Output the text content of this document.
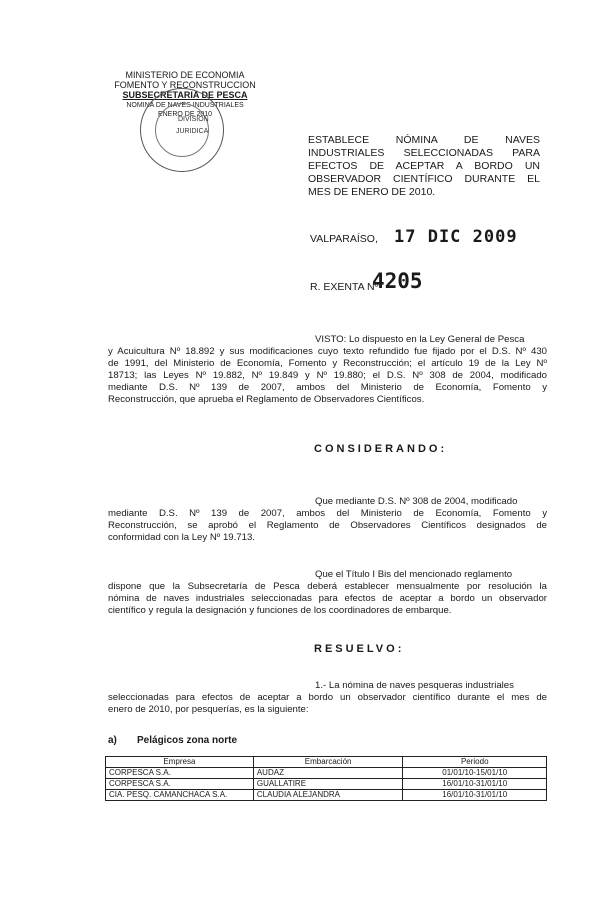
MINISTERIO DE ECONOMIA
FOMENTO Y RECONSTRUCCION
SUBSECRETARIA DE PESCA
NOMINA DE NAVES INDUSTRIALES
ENERO DE 2010
DIVISION
JURIDICA
ESTABLECE NÓMINA DE NAVES
INDUSTRIALES SELECCIONADAS PARA
EFECTOS DE ACEPTAR A BORDO UN
OBSERVADOR CIENTÍFICO DURANTE EL
MES DE ENERO DE 2010.
VALPARAÍSO, 17 DIC 2009
R. EXENTA Nº
4205
VISTO: Lo dispuesto en la Ley General de Pesca
y Acuicultura Nº 18.892 y sus modificaciones cuyo texto refundido fue fijado por el D.S. Nº 430
de 1991, del Ministerio de Economía, Fomento y Reconstrucción; el artículo 19 de la Ley Nº
18713; las Leyes Nº 19.882, Nº 19.849 y Nº 19.880; el D.S. Nº 308 de 2004, modificado
mediante D.S. Nº 139 de 2007, ambos del Ministerio de Economía, Fomento y
Reconstrucción, que aprueba el Reglamento de Observadores Científicos.
CONSIDERANDO:
Que mediante D.S. Nº 308 de 2004, modificado
mediante D.S. Nº 139 de 2007, ambos del Ministerio de Economía, Fomento y
Reconstrucción, se aprobó el Reglamento de Observadores Científicos designados de
conformidad con la Ley Nº 19.713.
Que el Título I Bis del mencionado reglamento
dispone que la Subsecretaría de Pesca deberá establecer mensualmente por resolución la
nómina de naves industriales seleccionadas para efectos de aceptar a bordo un observador
científico y regula la designación y funciones de los coordinadores de embarque.
RESUELVO:
1.- La nómina de naves pesqueras industriales
seleccionadas para efectos de aceptar a bordo un observador científico durante el mes de
enero de 2010, por pesquerías, es la siguiente:
a) Pelágicos zona norte
Empresa	Embarcación	Periodo
CORPESCA S.A.	AUDAZ	01/01/10-15/01/10
CORPESCA S.A.	GUALLATIRE	16/01/10-31/01/10
CIA. PESQ. CAMANCHACA S.A.	CLAUDIA ALEJANDRA	16/01/10-31/01/10
